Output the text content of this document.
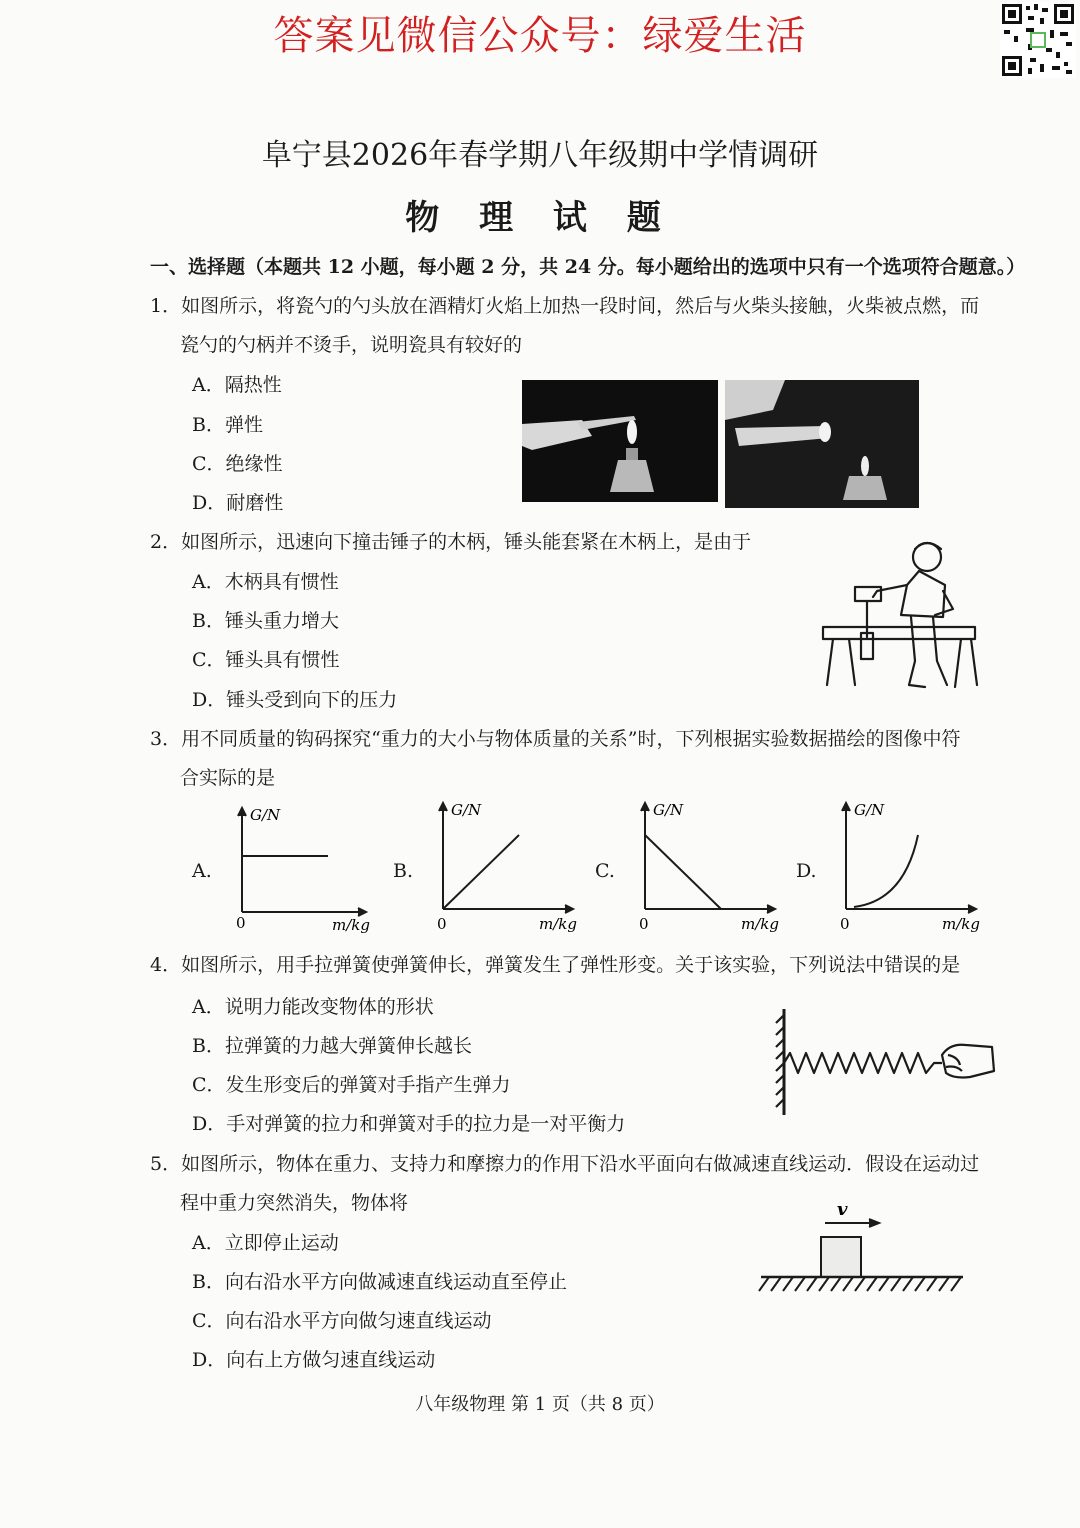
答案见微信公众号：绿爱生活
阜宁县2026年春学期八年级期中学情调研
物 理 试 题
一、选择题（本题共 12 小题，每小题 2 分，共 24 分。每小题给出的选项中只有一个选项符合题意。）
1．如图所示，将瓷勺的勺头放在酒精灯火焰上加热一段时间，然后与火柴头接触，火柴被点燃，而
瓷勺的勺柄并不烫手，说明瓷具有较好的
A．隔热性
B．弹性
C．绝缘性
D．耐磨性
2．如图所示，迅速向下撞击锤子的木柄，锤头能套紧在木柄上，是由于
A．木柄具有惯性
B．锤头重力增大
C．锤头具有惯性
D．锤头受到向下的压力
3．用不同质量的钩码探究“重力的大小与物体质量的关系”时，下列根据实验数据描绘的图像中符
合实际的是
A.
G/N
0	m/kg
B.
G/N
0	m/kg
C.
G/N
0	m/kg
D.
G/N
0	m/kg
4．如图所示，用手拉弹簧使弹簧伸长，弹簧发生了弹性形变。关于该实验，下列说法中错误的是
A．说明力能改变物体的形状
B．拉弹簧的力越大弹簧伸长越长
C．发生形变后的弹簧对手指产生弹力
D．手对弹簧的拉力和弹簧对手的拉力是一对平衡力
5．如图所示，物体在重力、支持力和摩擦力的作用下沿水平面向右做减速直线运动．假设在运动过
程中重力突然消失，物体将
A．立即停止运动
B．向右沿水平方向做减速直线运动直至停止
C．向右沿水平方向做匀速直线运动
D．向右上方做匀速直线运动
v
八年级物理 第 1 页（共 8 页）
